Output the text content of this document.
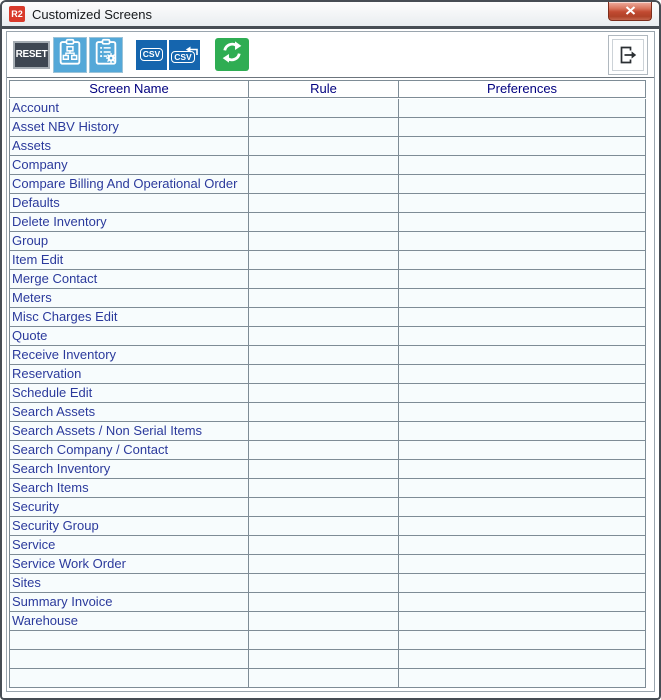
R2 Customized Screens
RESET	CSV	CSV
Screen Name	Rule	Preferences
Account
Asset NBV History
Assets
Company
Compare Billing And Operational Order
Defaults
Delete Inventory
Group
Item Edit
Merge Contact
Meters
Misc Charges Edit
Quote
Receive Inventory
Reservation
Schedule Edit
Search Assets
Search Assets / Non Serial Items
Search Company / Contact
Search Inventory
Search Items
Security
Security Group
Service
Service Work Order
Sites
Summary Invoice
Warehouse
